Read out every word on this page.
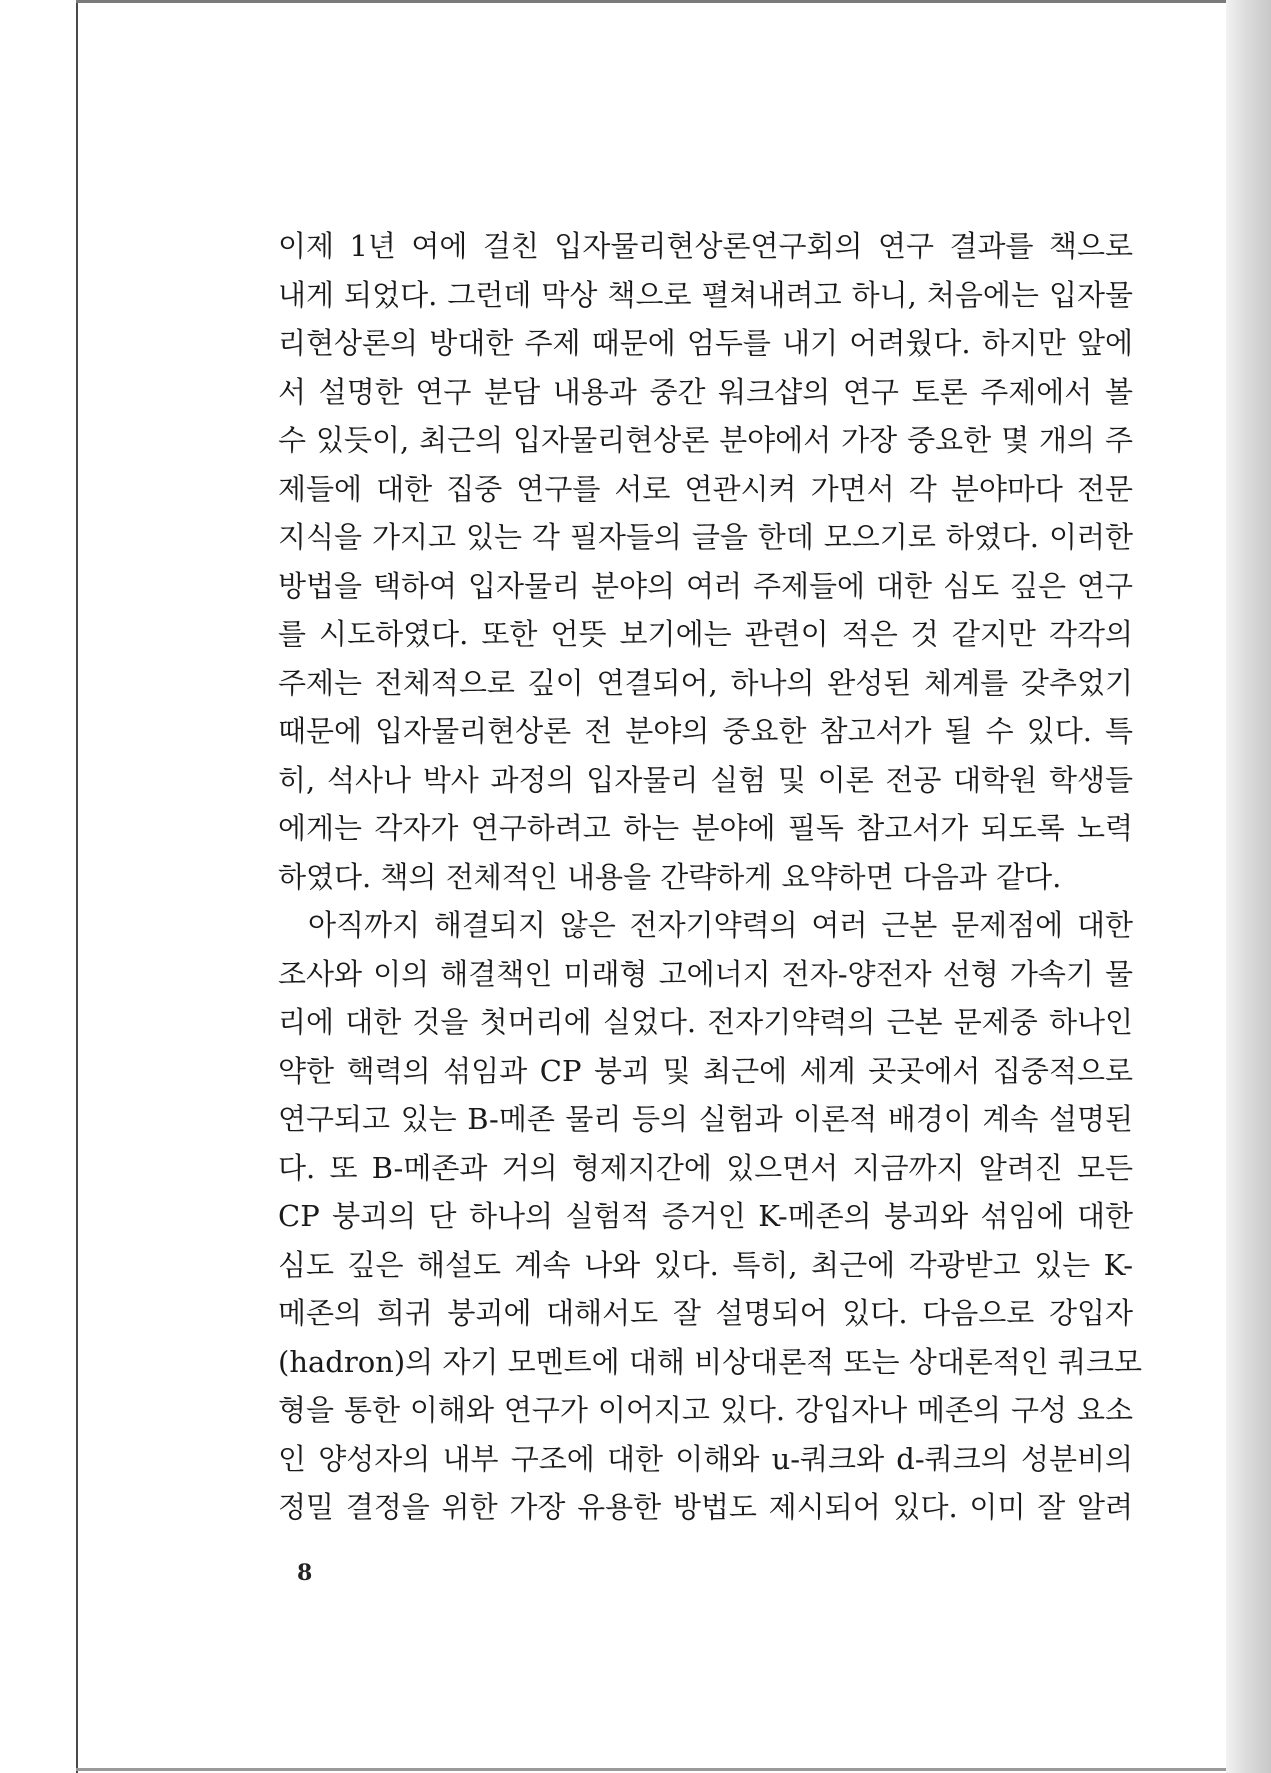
이제 1년 여에 걸친 입자물리현상론연구회의 연구 결과를 책으로
내게 되었다. 그런데 막상 책으로 펼쳐내려고 하니, 처음에는 입자물
리현상론의 방대한 주제 때문에 엄두를 내기 어려웠다. 하지만 앞에
서 설명한 연구 분담 내용과 중간 워크샵의 연구 토론 주제에서 볼
수 있듯이, 최근의 입자물리현상론 분야에서 가장 중요한 몇 개의 주
제들에 대한 집중 연구를 서로 연관시켜 가면서 각 분야마다 전문
지식을 가지고 있는 각 필자들의 글을 한데 모으기로 하였다. 이러한
방법을 택하여 입자물리 분야의 여러 주제들에 대한 심도 깊은 연구
를 시도하였다. 또한 언뜻 보기에는 관련이 적은 것 같지만 각각의
주제는 전체적으로 깊이 연결되어, 하나의 완성된 체계를 갖추었기
때문에 입자물리현상론 전 분야의 중요한 참고서가 될 수 있다. 특
히, 석사나 박사 과정의 입자물리 실험 및 이론 전공 대학원 학생들
에게는 각자가 연구하려고 하는 분야에 필독 참고서가 되도록 노력
하였다. 책의 전체적인 내용을 간략하게 요약하면 다음과 같다.
아직까지 해결되지 않은 전자기약력의 여러 근본 문제점에 대한
조사와 이의 해결책인 미래형 고에너지 전자-양전자 선형 가속기 물
리에 대한 것을 첫머리에 실었다. 전자기약력의 근본 문제중 하나인
약한 핵력의 섞임과 CP 붕괴 및 최근에 세계 곳곳에서 집중적으로
연구되고 있는 B-메존 물리 등의 실험과 이론적 배경이 계속 설명된
다. 또 B-메존과 거의 형제지간에 있으면서 지금까지 알려진 모든
CP 붕괴의 단 하나의 실험적 증거인 K-메존의 붕괴와 섞임에 대한
심도 깊은 해설도 계속 나와 있다. 특히, 최근에 각광받고 있는 K-
메존의 희귀 붕괴에 대해서도 잘 설명되어 있다. 다음으로 강입자
(hadron)의 자기 모멘트에 대해 비상대론적 또는 상대론적인 쿼크모
형을 통한 이해와 연구가 이어지고 있다. 강입자나 메존의 구성 요소
인 양성자의 내부 구조에 대한 이해와 u-쿼크와 d-쿼크의 성분비의
정밀 결정을 위한 가장 유용한 방법도 제시되어 있다. 이미 잘 알려
8
